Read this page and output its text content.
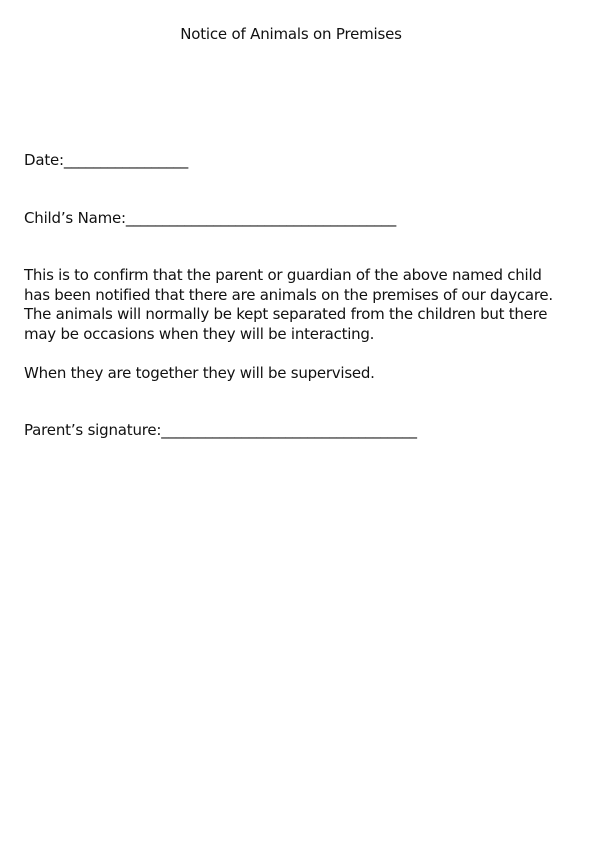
Notice of Animals on Premises
Date:_________________
Child’s Name:_____________________________________
This is to confirm that the parent or guardian of the above named child
has been notified that there are animals on the premises of our daycare.
The animals will normally be kept separated from the children but there
may be occasions when they will be interacting.
When they are together they will be supervised.
Parent’s signature:___________________________________
